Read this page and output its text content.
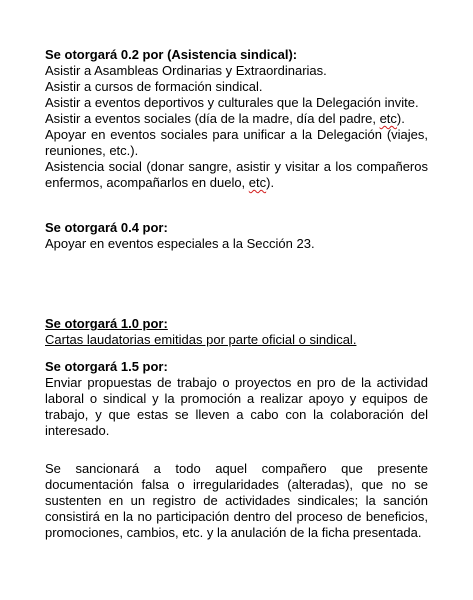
Se otorgará 0.2 por (Asistencia sindical):
Asistir a Asambleas Ordinarias y Extraordinarias.
Asistir a cursos de formación sindical.
Asistir a eventos deportivos y culturales que la Delegación invite.
Asistir a eventos sociales (día de la madre, día del padre, etc).
Apoyar en eventos sociales para unificar a la Delegación (viajes, reuniones, etc.).
Asistencia social (donar sangre, asistir y visitar a los compañeros enfermos, acompañarlos en duelo, etc).
Se otorgará 0.4 por:
Apoyar en eventos especiales a la Sección 23.
Se otorgará 1.0 por:
Cartas laudatorias emitidas por parte oficial o sindical.
Se otorgará 1.5 por:
Enviar propuestas de trabajo o proyectos en pro de la actividad laboral o sindical y la promoción a realizar apoyo y equipos de trabajo, y que estas se lleven a cabo con la colaboración del interesado.
Se sancionará a todo aquel compañero que presente documentación falsa o irregularidades (alteradas), que no se sustenten en un registro de actividades sindicales; la sanción consistirá en la no participación dentro del proceso de beneficios, promociones, cambios, etc. y la anulación de la ficha presentada.
